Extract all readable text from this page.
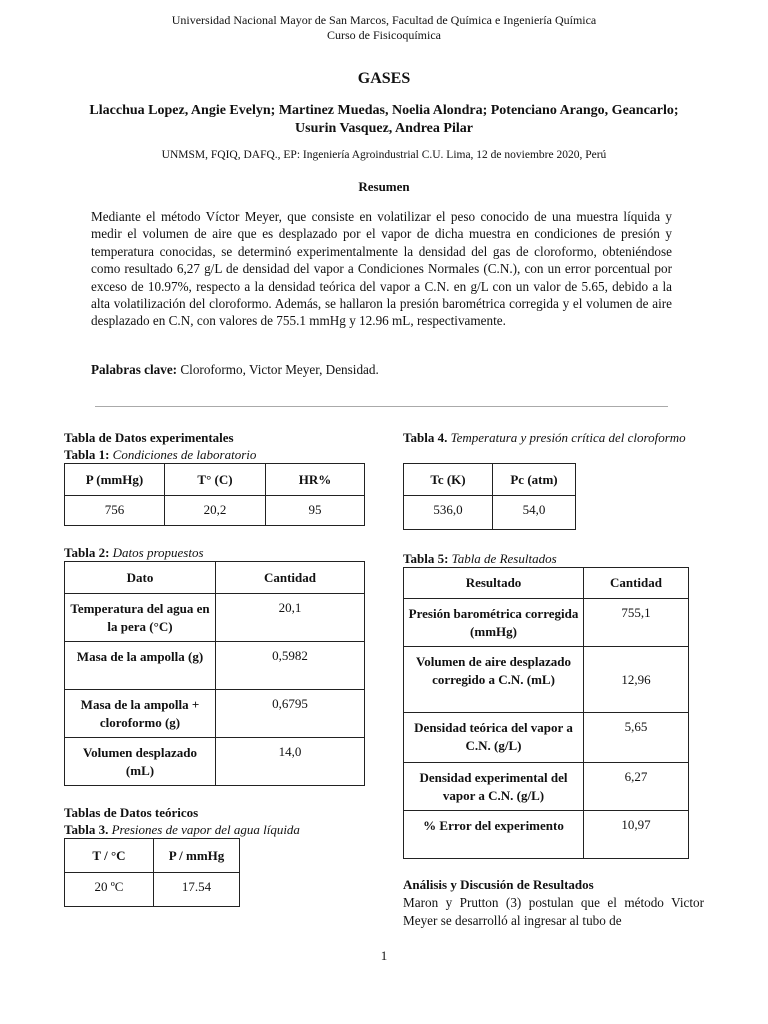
Universidad Nacional Mayor de San Marcos, Facultad de Química e Ingeniería Química
Curso de Fisicoquímica
GASES
Llacchua Lopez, Angie Evelyn; Martinez Muedas, Noelia Alondra; Potenciano Arango, Geancarlo; Usurin Vasquez, Andrea Pilar
UNMSM, FQIQ, DAFQ., EP: Ingeniería Agroindustrial C.U. Lima, 12 de noviembre 2020, Perú
Resumen
Mediante el método Víctor Meyer, que consiste en volatilizar el peso conocido de una muestra líquida y medir el volumen de aire que es desplazado por el vapor de dicha muestra en condiciones de presión y temperatura conocidas, se determinó experimentalmente la densidad del gas de cloroformo, obteniéndose como resultado 6,27 g/L de densidad del vapor a Condiciones Normales (C.N.), con un error porcentual por exceso de 10.97%, respecto a la densidad teórica del vapor a C.N. en g/L con un valor de 5.65, debido a la alta volatilización del cloroformo. Además, se hallaron la presión barométrica corregida y el volumen de aire desplazado en C.N, con valores de 755.1 mmHg y 12.96 mL, respectivamente.
Palabras clave: Cloroformo, Victor Meyer, Densidad.
Tabla de Datos experimentales
Tabla 1: Condiciones de laboratorio
P (mmHg)	T° (C)	HR%
756	20,2	95
Tabla 2: Datos propuestos
Dato	Cantidad
Temperatura del agua en la pera (°C)	20,1
Masa de la ampolla (g)	0,5982
Masa de la ampolla + cloroformo (g)	0,6795
Volumen desplazado (mL)	14,0
Tablas de Datos teóricos
Tabla 3. Presiones de vapor del agua líquida
T / °C	P / mmHg
20 ºC	17.54
Tabla 4. Temperatura y presión crítica del cloroformo
Tc (K)	Pc (atm)
536,0	54,0
Tabla 5: Tabla de Resultados
Resultado	Cantidad
Presión barométrica corregida (mmHg)	755,1
Volumen de aire desplazado corregido a C.N. (mL)	12,96
Densidad teórica del vapor a C.N. (g/L)	5,65
Densidad experimental del vapor a C.N. (g/L)	6,27
% Error del experimento	10,97
Análisis y Discusión de Resultados
Maron y Prutton (3) postulan que el método Victor Meyer se desarrolló al ingresar al tubo de
1
